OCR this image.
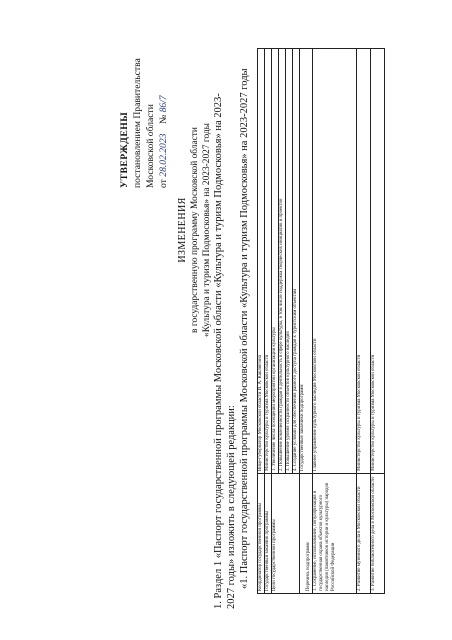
УТВЕРЖДЕНЫ постановлением Правительства Московской области от 28.02.2023    № 86/7
ИЗМЕНЕНИЯ в государственную программу Московской области «Культура и туризм Подмосковья» на 2023-2027 годы 1. Раздел 1 «Паспорт государственной программы Московской области «Культура и туризм Подмосковья» на 2023- 2027 годы» изложить в следующей редакции: «1. Паспорт государственной программы Московской области «Культура и туризм Подмосковья» на 2023-2027 годы Координатор государственной программы	Вице-губернатор Московской области И. А. Каклюгина
Государственный заказчик программы	Министерство культуры и туризма Московской области
Цели государственной программы	1. Увеличение числа посещений мероприятий организаций культуры
	2. Повышение вовлеченности граждан в деятельность в сфере культуры, в том числе поддержка творческих инициатив и проектов
	3. Повышение уровня сохранности объектов культурного наследия
	4. Создание условий для обеспечения равного доступа граждан к туристским объектам
Перечень подпрограмм	Государственные заказчики подпрограмм
1. Сохранение, использование, популяризация и государственная охрана объектов культурного наследия (памятников истории и культуры) народов Российской Федерации	Главное управление культурного наследия Московской области
2. Развитие музейного дела в Московской области	Министерство культуры и туризма Московской области
3. Развитие библиотечного дела в Московской области	Министерство культуры и туризма Московской области
